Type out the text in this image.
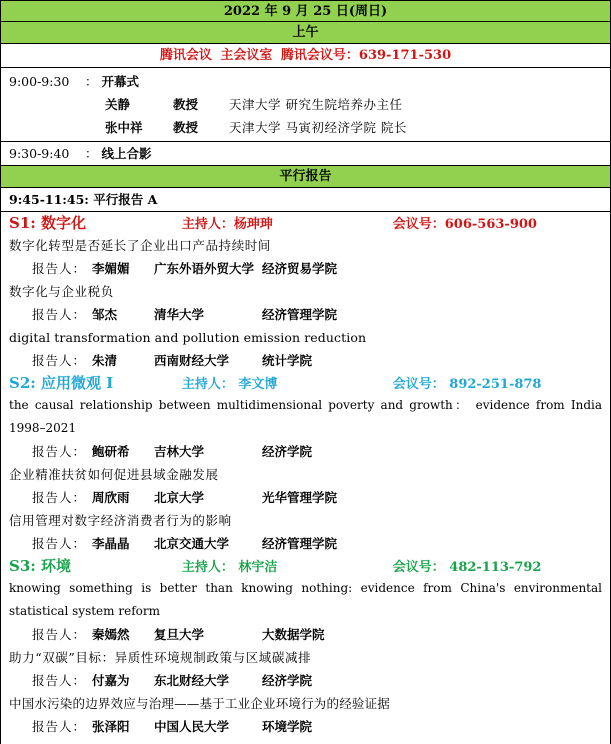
2022 年 9 月 25 日(周日)
上午
腾讯会议 主会议室 腾讯会议号：639-171-530
9:00-9:30 ： 开幕式
关静	教授 天津大学 研究生院培养办主任
张中祥 教授 天津大学 马寅初经济学院 院长
9:30-9:40 ： 线上合影
平行报告
9:45-11:45: 平行报告 A
S1: 数字化	主持人：杨珅珅	会议号：606-563-900
数字化转型是否延长了企业出口产品持续时间
报告人： 李媚媚 广东外语外贸大学 经济贸易学院
数字化与企业税负
报告人： 邹杰	清华大学	经济管理学院
digital transformation and pollution emission reduction
报告人： 朱清	西南财经大学	统计学院
S2: 应用微观 I	主持人： 李文博	会议号： 892-251-878
the causal relationship between multidimensional poverty and growth： evidence from India 1998–2021
报告人： 鲍研希 吉林大学	经济学院
企业精准扶贫如何促进县域金融发展
报告人： 周欣雨 北京大学	光华管理学院
信用管理对数字经济消费者行为的影响
报告人： 李晶晶 北京交通大学	经济管理学院
S3: 环境	主持人： 林宇洁	会议号： 482-113-792
knowing something is better than knowing nothing: evidence from China's environmental statistical system reform
报告人： 秦嫣然 复旦大学	大数据学院
助力“双碳”目标：异质性环境规制政策与区域碳减排
报告人： 付嘉为 东北财经大学	经济学院
中国水污染的边界效应与治理——基于工业企业环境行为的经验证据
报告人： 张泽阳 中国人民大学	环境学院
